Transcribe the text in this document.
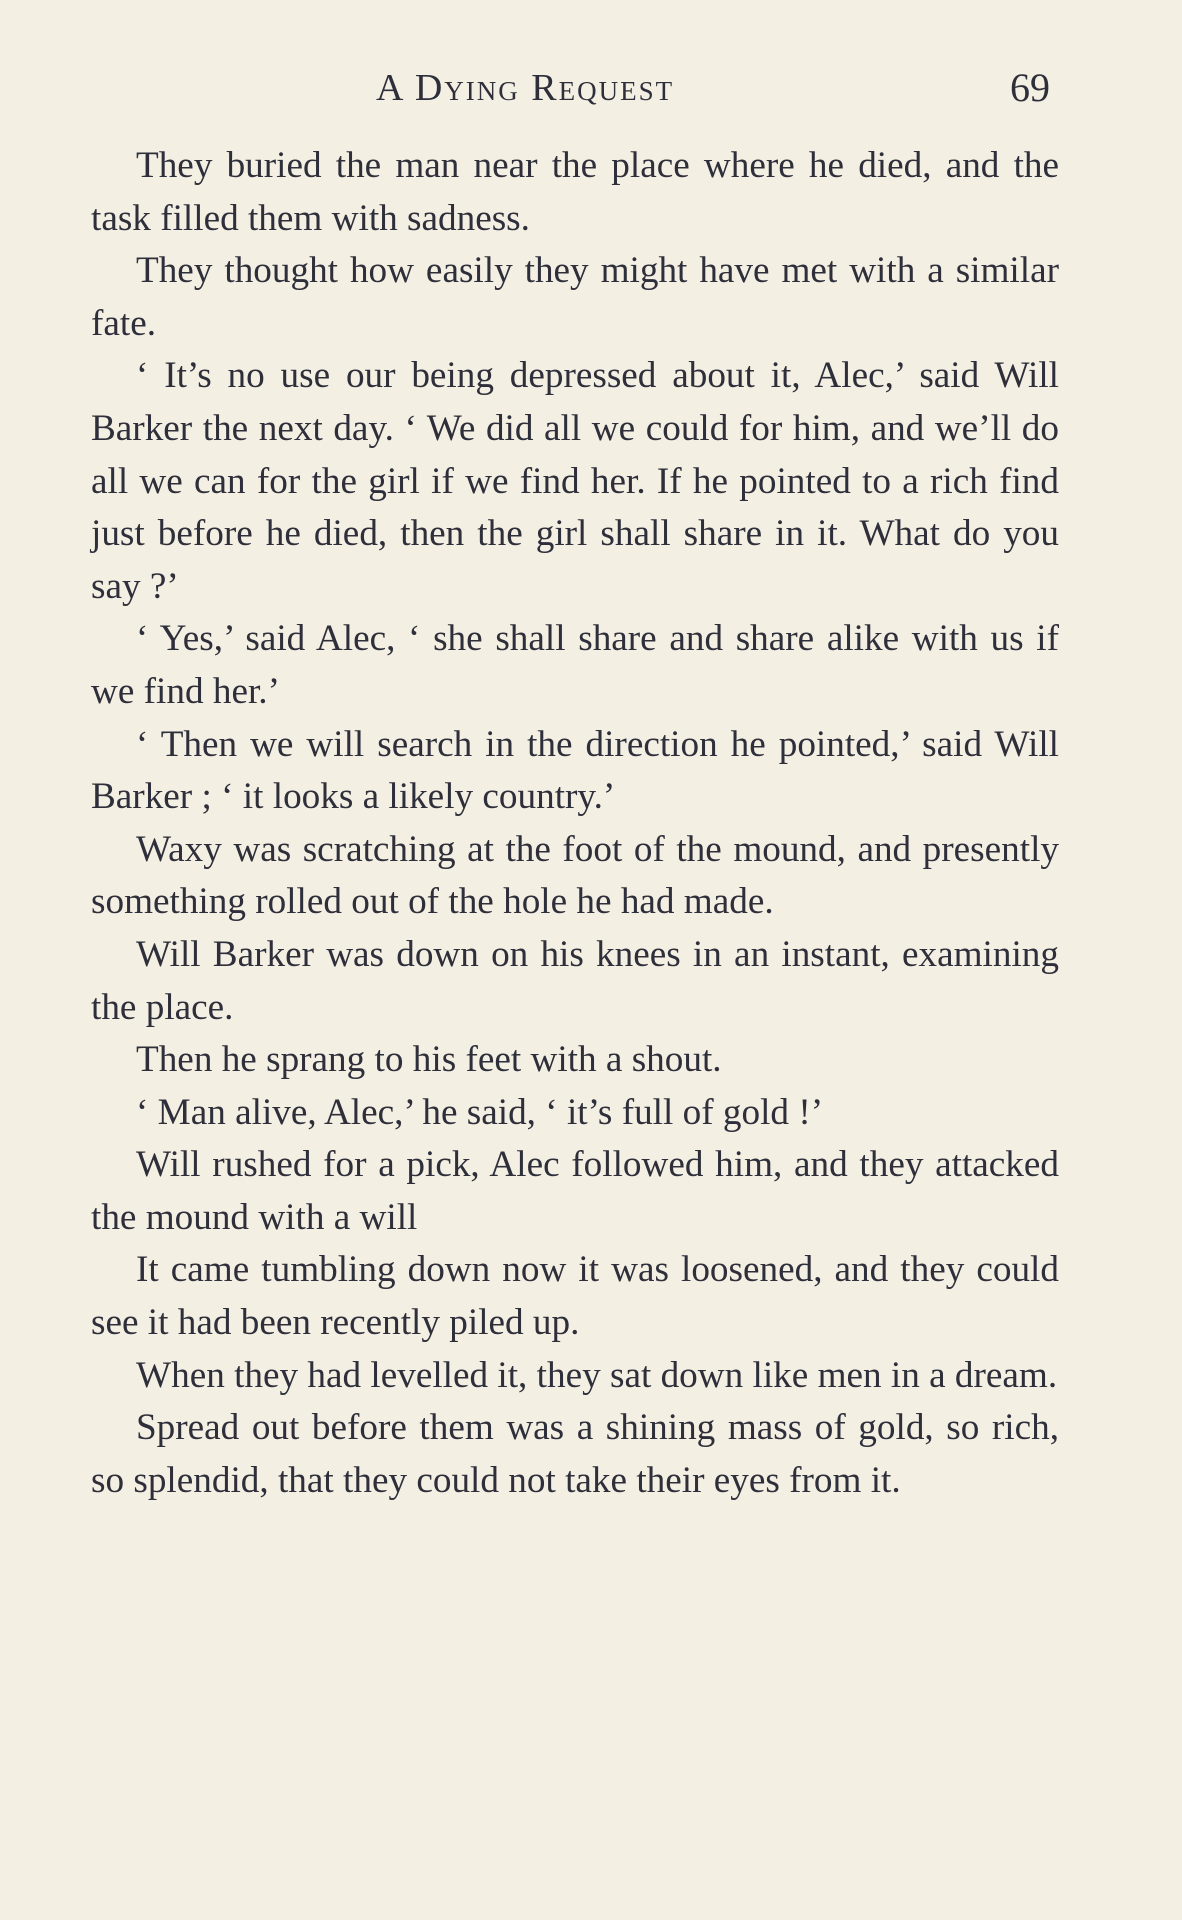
A Dying Request	69

They buried the man near the place where he died, and the task filled them with sadness.

They thought how easily they might have met with a similar fate.

‘ It’s no use our being depressed about it, Alec,’ said Will Barker the next day. ‘ We did all we could for him, and we’ll do all we can for the girl if we find her. If he pointed to a rich find just before he died, then the girl shall share in it. What do you say ?’

‘ Yes,’ said Alec, ‘ she shall share and share alike with us if we find her.’

‘ Then we will search in the direction he pointed,’ said Will Barker ; ‘ it looks a likely country.’

Waxy was scratching at the foot of the mound, and presently something rolled out of the hole he had made.

Will Barker was down on his knees in an instant, examining the place.

Then he sprang to his feet with a shout.

‘ Man alive, Alec,’ he said, ‘ it’s full of gold !’

Will rushed for a pick, Alec followed him, and they attacked the mound with a will

It came tumbling down now it was loosened, and they could see it had been recently piled up.

When they had levelled it, they sat down like men in a dream.

Spread out before them was a shining mass of gold, so rich, so splendid, that they could not take their eyes from it.
